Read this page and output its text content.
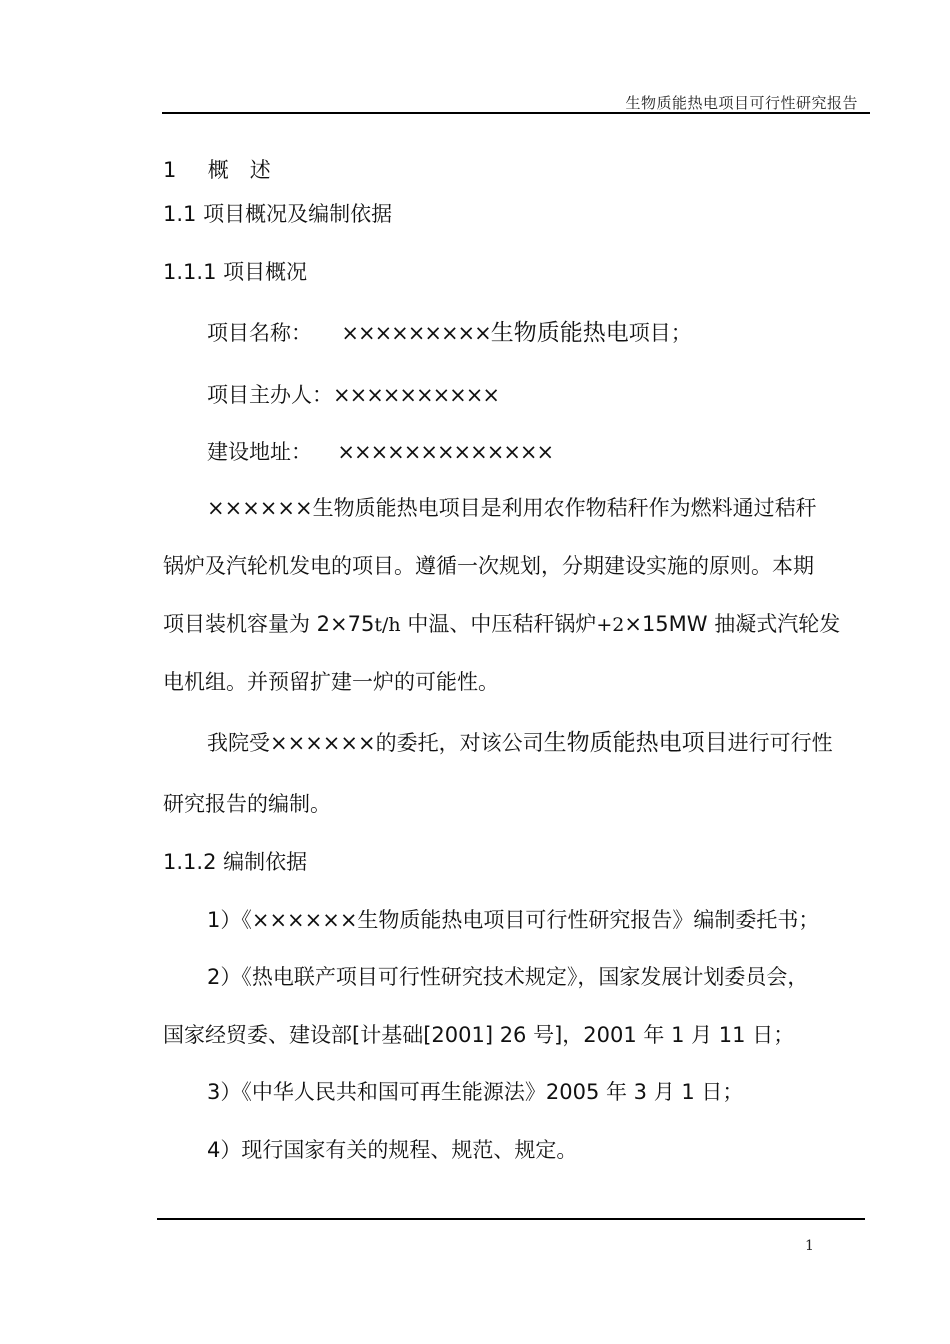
生物质能热电项目可行性研究报告
1 概　述
1.1 项目概况及编制依据
1.1.1 项目概况
项目名称： ×××××××××生物质能热电项目；
项目主办人：××××××××××
建设地址： ×××××××××××××
××××××生物质能热电项目是利用农作物秸秆作为燃料通过秸秆
锅炉及汽轮机发电的项目。遵循一次规划，分期建设实施的原则。本期
项目装机容量为 2×75t/h 中温、中压秸秆锅炉+2×15MW 抽凝式汽轮发
电机组。并预留扩建一炉的可能性。
我院受××××××的委托，对该公司生物质能热电项目进行可行性
研究报告的编制。
1.1.2 编制依据
1）《××××××生物质能热电项目可行性研究报告》编制委托书；
2）《热电联产项目可行性研究技术规定》，国家发展计划委员会，
国家经贸委、建设部[计基础[2001] 26 号]，2001 年 1 月 11 日；
3）《中华人民共和国可再生能源法》2005 年 3 月 1 日；
4）现行国家有关的规程、规范、规定。
1
